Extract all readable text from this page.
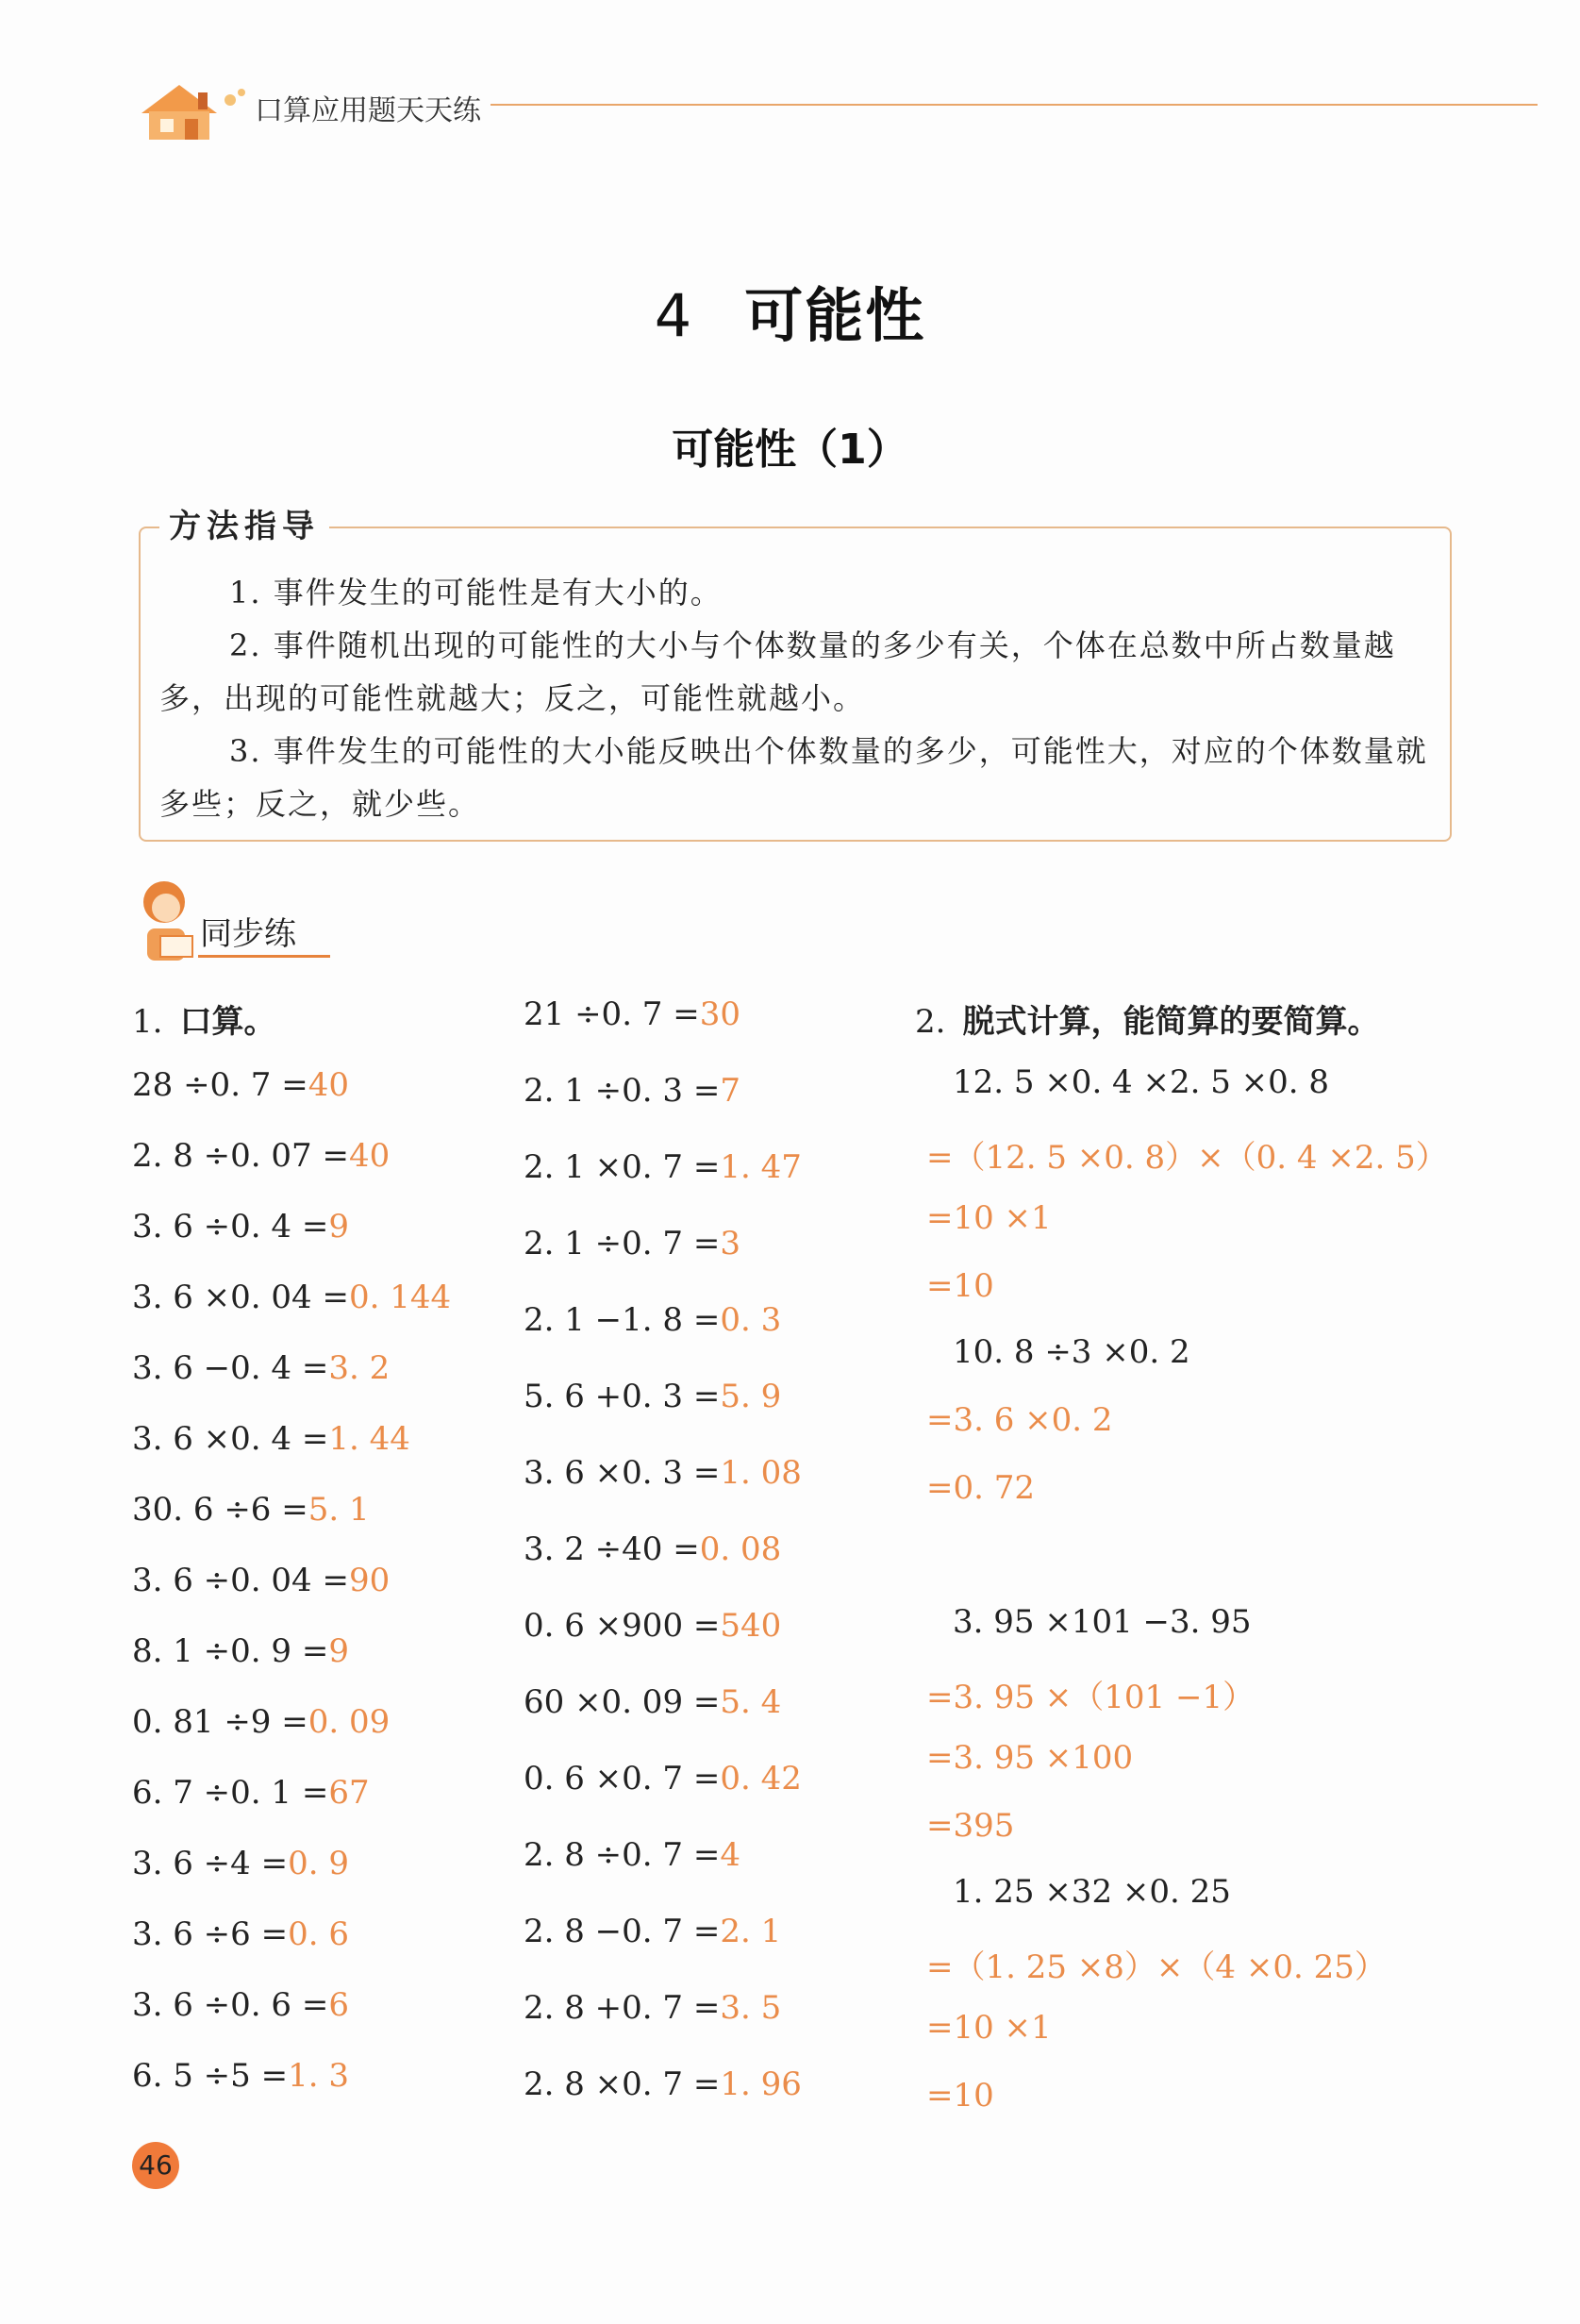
口算应用题天天练
4 可能性
可能性（1）
方法指导

1. 事件发生的可能性是有大小的。

2. 事件随机出现的可能性的大小与个体数量的多少有关，个体在总数中所占数量越多，出现的可能性就越大；反之，可能性就越小。

3. 事件发生的可能性的大小能反映出个体数量的多少，可能性大，对应的个体数量就多些；反之，就少些。

同步练
1. 口算。
28 ÷0. 7 =40
2. 8 ÷0. 07 =40
3. 6 ÷0. 4 =9
3. 6 ×0. 04 =0. 144
3. 6 −0. 4 =3. 2
3. 6 ×0. 4 =1. 44
30. 6 ÷6 =5. 1
3. 6 ÷0. 04 =90
8. 1 ÷0. 9 =9
0. 81 ÷9 =0. 09
6. 7 ÷0. 1 =67
3. 6 ÷4 =0. 9
3. 6 ÷6 =0. 6
3. 6 ÷0. 6 =6
6. 5 ÷5 =1. 3
21 ÷0. 7 =30
2. 1 ÷0. 3 =7
2. 1 ×0. 7 =1. 47
2. 1 ÷0. 7 =3
2. 1 −1. 8 =0. 3
5. 6 +0. 3 =5. 9
3. 6 ×0. 3 =1. 08
3. 2 ÷40 =0. 08
0. 6 ×900 =540
60 ×0. 09 =5. 4
0. 6 ×0. 7 =0. 42
2. 8 ÷0. 7 =4
2. 8 −0. 7 =2. 1
2. 8 +0. 7 =3. 5
2. 8 ×0. 7 =1. 96
2. 脱式计算，能简算的要简算。
12. 5 ×0. 4 ×2. 5 ×0. 8
=（12. 5 ×0. 8）×（0. 4 ×2. 5）
=10 ×1
=10
10. 8 ÷3 ×0. 2
=3. 6 ×0. 2
=0. 72
3. 95 ×101 −3. 95
=3. 95 ×（101 −1）
=3. 95 ×100
=395
1. 25 ×32 ×0. 25
=（1. 25 ×8）×（4 ×0. 25）
=10 ×1
=10
46
